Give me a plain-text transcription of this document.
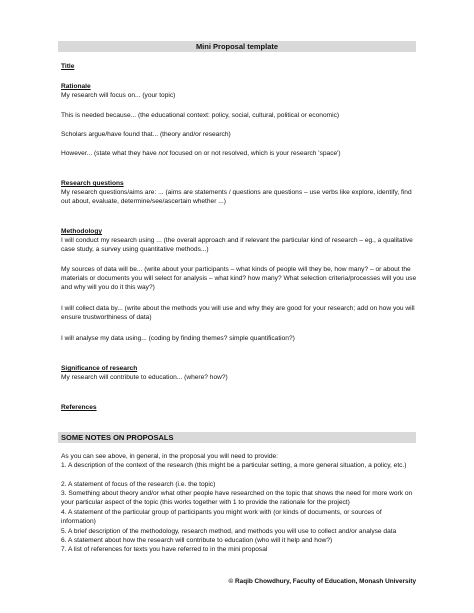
Mini Proposal template
Title
Rationale
My research will focus on... (your topic)
This is needed because... (the educational context: policy, social, cultural, political or economic)
Scholars argue/have found that... (theory and/or research)
However... (state what they have not focused on or not resolved, which is your research 'space')
Research questions
My research questions/aims are: ... (aims are statements / questions are questions – use verbs like explore, identify, find out about, evaluate, determine/see/ascertain whether ...)
Methodology
I will conduct my research using ... (the overall approach and if relevant the particular kind of research – eg., a qualitative case study, a survey using quantitative methods...)
My sources of data will be... (write about your participants – what kinds of people will they be, how many? – or about the materials or documents you will select for analysis – what kind? how many? What selection criteria/processes will you use and why will you do it this way?)
I will collect data by... (write about the methods you will use and why they are good for your research; add on how you will ensure trustworthiness of data)
I will analyse my data using... (coding by finding themes? simple quantification?)
Significance of research
My research will contribute to education... (where? how?)
References
SOME NOTES ON PROPOSALS
As you can see above, in general, in the proposal you will need to provide:
1. A description of the context of the research (this might be a particular setting, a more general situation, a policy, etc.)
2. A statement of focus of the research (i.e. the topic)
3. Something about theory and/or what other people have researched on the topic that shows the need for more work on your particular aspect of the topic (this works together with 1 to provide the rationale for the project)
4. A statement of the particular group of participants you might work with (or kinds of documents, or sources of information)
5. A brief description of the methodology, research method, and methods you will use to collect and/or analyse data
6. A statement about how the research will contribute to education (who will it help and how?)
7. A list of references for texts you have referred to in the mini proposal
© Raqib Chowdhury, Faculty of Education, Monash University
